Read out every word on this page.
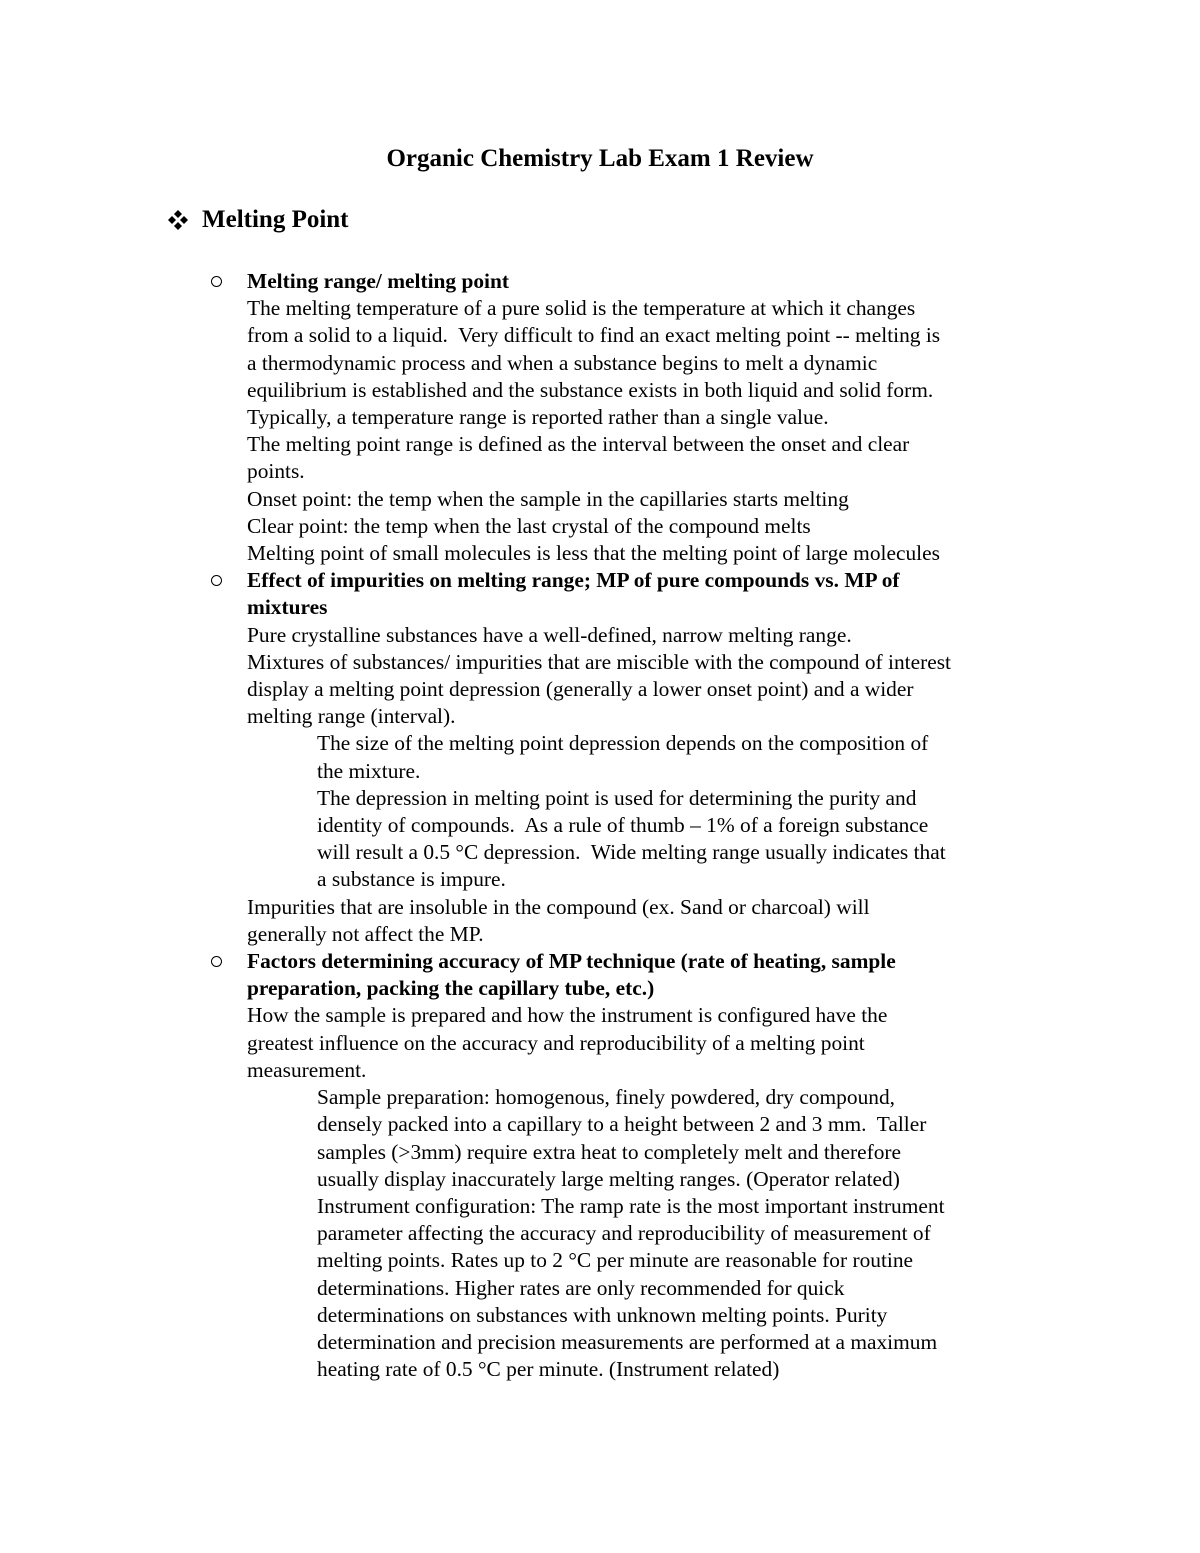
Organic Chemistry Lab Exam 1 Review
Melting Point
Melting range/ melting point
The melting temperature of a pure solid is the temperature at which it changes
from a solid to a liquid.  Very difficult to find an exact melting point -- melting is
a thermodynamic process and when a substance begins to melt a dynamic
equilibrium is established and the substance exists in both liquid and solid form.
Typically, a temperature range is reported rather than a single value.
The melting point range is defined as the interval between the onset and clear
points.
Onset point: the temp when the sample in the capillaries starts melting
Clear point: the temp when the last crystal of the compound melts
Melting point of small molecules is less that the melting point of large molecules
Effect of impurities on melting range; MP of pure compounds vs. MP of
mixtures
Pure crystalline substances have a well-defined, narrow melting range.
Mixtures of substances/ impurities that are miscible with the compound of interest
display a melting point depression (generally a lower onset point) and a wider
melting range (interval).
The size of the melting point depression depends on the composition of
the mixture.
The depression in melting point is used for determining the purity and
identity of compounds.  As a rule of thumb – 1% of a foreign substance
will result a 0.5 °C depression.  Wide melting range usually indicates that
a substance is impure.
Impurities that are insoluble in the compound (ex. Sand or charcoal) will
generally not affect the MP.
Factors determining accuracy of MP technique (rate of heating, sample
preparation, packing the capillary tube, etc.)
How the sample is prepared and how the instrument is configured have the
greatest influence on the accuracy and reproducibility of a melting point
measurement.
Sample preparation: homogenous, finely powdered, dry compound,
densely packed into a capillary to a height between 2 and 3 mm.  Taller
samples (>3mm) require extra heat to completely melt and therefore
usually display inaccurately large melting ranges. (Operator related)
Instrument configuration: The ramp rate is the most important instrument
parameter affecting the accuracy and reproducibility of measurement of
melting points. Rates up to 2 °C per minute are reasonable for routine
determinations. Higher rates are only recommended for quick
determinations on substances with unknown melting points. Purity
determination and precision measurements are performed at a maximum
heating rate of 0.5 °C per minute. (Instrument related)
